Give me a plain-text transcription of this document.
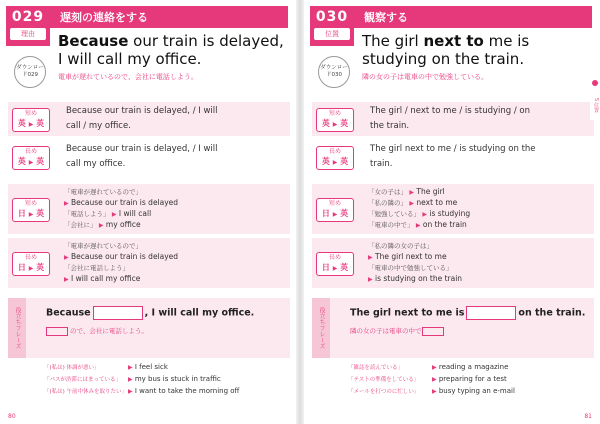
029
理由
遅刻の連絡をする
Because our train is delayed, I will call my office.
ダウンロード029	電車が遅れているので、会社に電話しよう。
短め
英 ▶ 英
Because our train is delayed, / I will
call / my office.
長め
英 ▶ 英
Because our train is delayed, / I will
call my office.
短め
日 ▶ 英
「電車が遅れているので」
▶ Because our train is delayed
「電話しよう」 ▶ I will call
「会社に」 ▶ my office
長め
日 ▶ 英
「電車が遅れているので」
▶ Because our train is delayed
「会社に電話しよう」
▶ I will call my office
役立ちフレーズ	Because	, I will call my office.
ので、会社に電話しよう。
「(私は) 体調が悪い」	▶ I feel sick
「バスが渋滞にはまっている」 ▶ my bus is stuck in traffic
「(私は) 午前中休みを取りたい」▶ I want to take the morning off
80
030
位置
観察する
The girl next to me is studying on the train.
ダウンロード030	隣の女の子は電車の中で勉強している。
短め
英 ▶ 英
The girl / next to me / is studying / on
the train.
長め
英 ▶ 英
The girl next to me / is studying on the
train.
短め
日 ▶ 英
「女の子は」 ▶ The girl
「私の隣の」 ▶ next to me
「勉強している」 ▶ is studying
「電車の中で」 ▶ on the train
長め
日 ▶ 英
「私の隣の女の子は」
▶ The girl next to me
「電車の中で勉強している」
▶ is studying on the train
役立ちフレーズ	The girl next to me is	on the train.
隣の女の子は電車の中で
「雑誌を読んでいる」	▶ reading a magazine
「テストの準備をしている」 ▶ preparing for a test
「メールを打つのに忙しい」 ▶ busy typing an e-mail
5 位置
81
